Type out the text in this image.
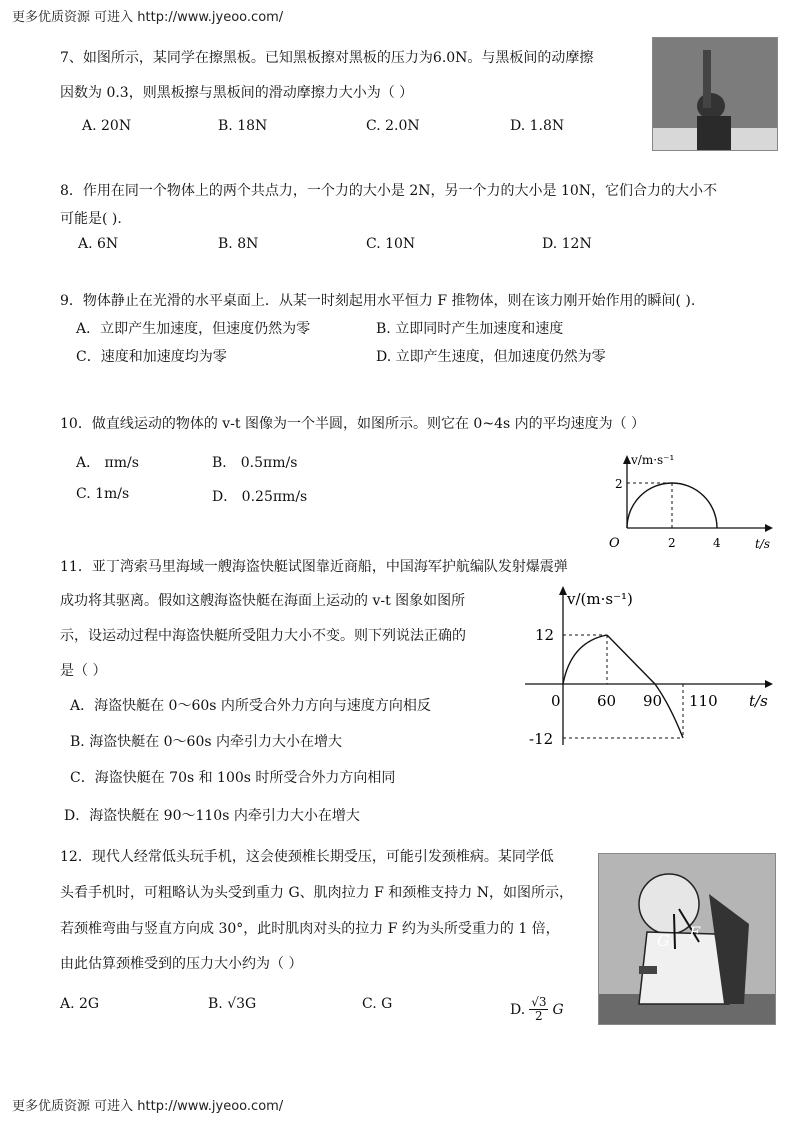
更多优质资源 可进入 http://www.jyeoo.com/
7、如图所示，某同学在擦黑板。已知黑板擦对黑板的压力为6.0N。与黑板间的动摩擦
因数为 0.3，则黑板擦与黑板间的滑动摩擦力大小为（ ）
A. 20N	B. 18N	C. 2.0N	D. 1.8N
8．作用在同一个物体上的两个共点力，一个力的大小是 2N，另一个力的大小是 10N，它们合力的大小不
可能是( ).
A. 6N	B. 8N	C. 10N	D. 12N
9．物体静止在光滑的水平桌面上．从某一时刻起用水平恒力 F 推物体，则在该力刚开始作用的瞬间( ).
A．立即产生加速度，但速度仍然为零	B. 立即同时产生加速度和速度
C．速度和加速度均为零	D. 立即产生速度，但加速度仍然为零
10．做直线运动的物体的 v-t 图像为一个半圆，如图所示。则它在 0~4s 内的平均速度为（ ）
A． πm/s	B． 0.5πm/s
C. 1m/s	D． 0.25πm/s
v/m·s⁻¹
t/s
O
2
2	4
11．亚丁湾索马里海域一艘海盗快艇试图靠近商船，中国海军护航编队发射爆震弹
成功将其驱离。假如这艘海盗快艇在海面上运动的 v-t 图象如图所
示，设运动过程中海盗快艇所受阻力大小不变。则下列说法正确的
是（ ）
A．海盗快艇在 0～60s 内所受合外力方向与速度方向相反
B. 海盗快艇在 0～60s 内牵引力大小在增大
C．海盗快艇在 70s 和 100s 时所受合外力方向相同
D．海盗快艇在 90～110s 内牵引力大小在增大
v/(m·s⁻¹)
t/s
0
12
-12
60 90 110
12．现代人经常低头玩手机，这会使颈椎长期受压，可能引发颈椎病。某同学低
头看手机时，可粗略认为头受到重力 G、肌肉拉力 F 和颈椎支持力 N，如图所示，
若颈椎弯曲与竖直方向成 30°，此时肌肉对头的拉力 F 约为头所受重力的 1 倍，
由此估算颈椎受到的压力大小约为（ ）
A. 2G	B. √3G	C. G	D. $\frac{√3}{2}$ G
G F
更多优质资源 可进入 http://www.jyeoo.com/
